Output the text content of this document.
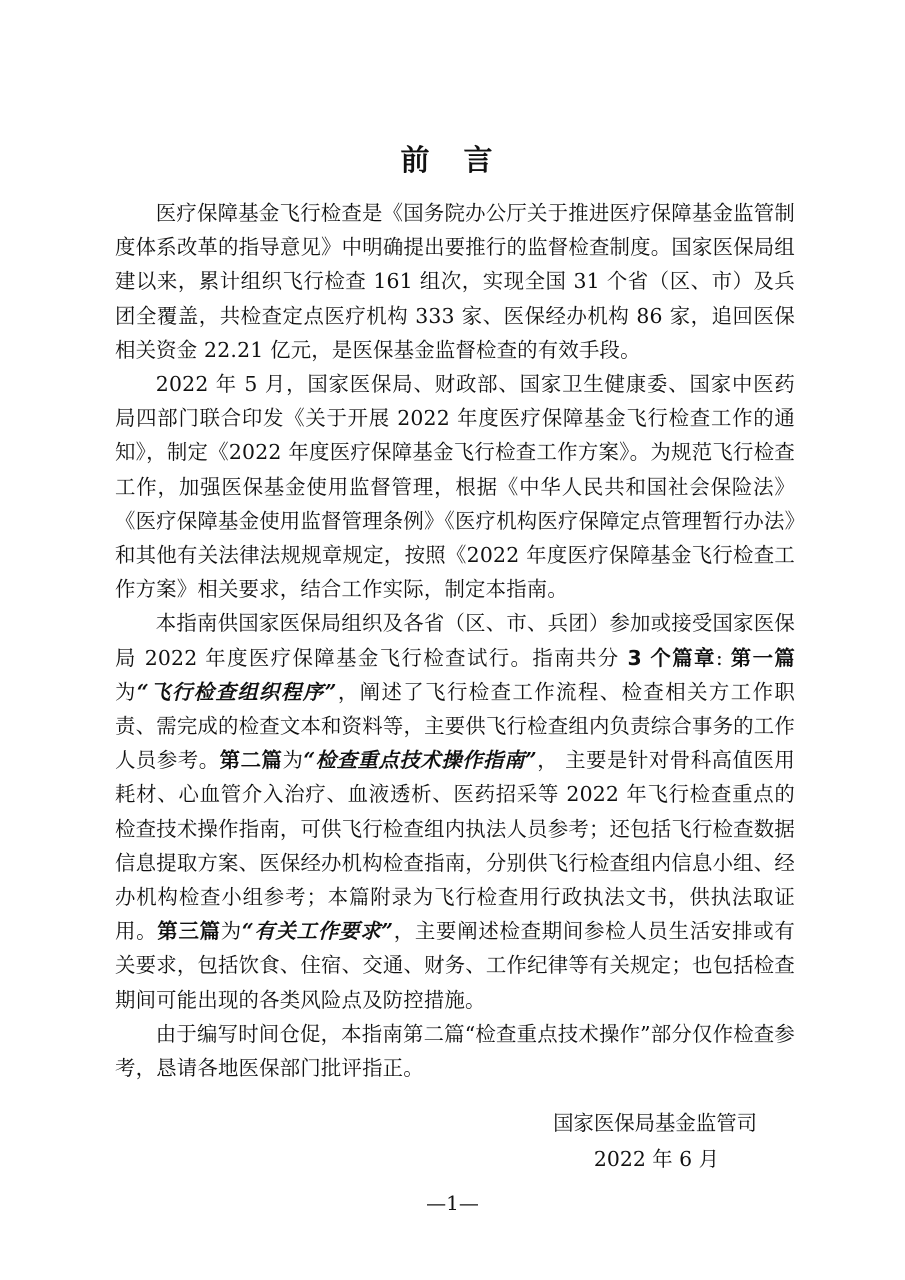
前 言

医疗保障基金飞行检查是《国务院办公厅关于推进医疗保障基金监管制度体系改革的指导意见》中明确提出要推行的监督检查制度。国家医保局组建以来，累计组织飞行检查 161 组次，实现全国 31 个省（区、市）及兵团全覆盖，共检查定点医疗机构 333 家、医保经办机构 86 家，追回医保相关资金 22.21 亿元，是医保基金监督检查的有效手段。

2022 年 5 月，国家医保局、财政部、国家卫生健康委、国家中医药局四部门联合印发《关于开展 2022 年度医疗保障基金飞行检查工作的通知》，制定《2022 年度医疗保障基金飞行检查工作方案》。为规范飞行检查工作，加强医保基金使用监督管理，根据《中华人民共和国社会保险法》《医疗保障基金使用监督管理条例》《医疗机构医疗保障定点管理暂行办法》和其他有关法律法规规章规定，按照《2022 年度医疗保障基金飞行检查工作方案》相关要求，结合工作实际，制定本指南。

本指南供国家医保局组织及各省（区、市、兵团）参加或接受国家医保局 2022 年度医疗保障基金飞行检查试行。指南共分 3 个篇章: 第一篇为“飞行检查组织程序”，阐述了飞行检查工作流程、检查相关方工作职责、需完成的检查文本和资料等，主要供飞行检查组内负责综合事务的工作人员参考。第二篇为“检查重点技术操作指南”， 主要是针对骨科高值医用耗材、心血管介入治疗、血液透析、医药招采等 2022 年飞行检查重点的检查技术操作指南，可供飞行检查组内执法人员参考；还包括飞行检查数据信息提取方案、医保经办机构检查指南，分别供飞行检查组内信息小组、经办机构检查小组参考；本篇附录为飞行检查用行政执法文书，供执法取证用。第三篇为“有关工作要求”，主要阐述检查期间参检人员生活安排或有关要求，包括饮食、住宿、交通、财务、工作纪律等有关规定；也包括检查期间可能出现的各类风险点及防控措施。

由于编写时间仓促，本指南第二篇“检查重点技术操作”部分仅作检查参考，恳请各地医保部门批评指正。

国家医保局基金监管司
2022 年 6 月
—1—
